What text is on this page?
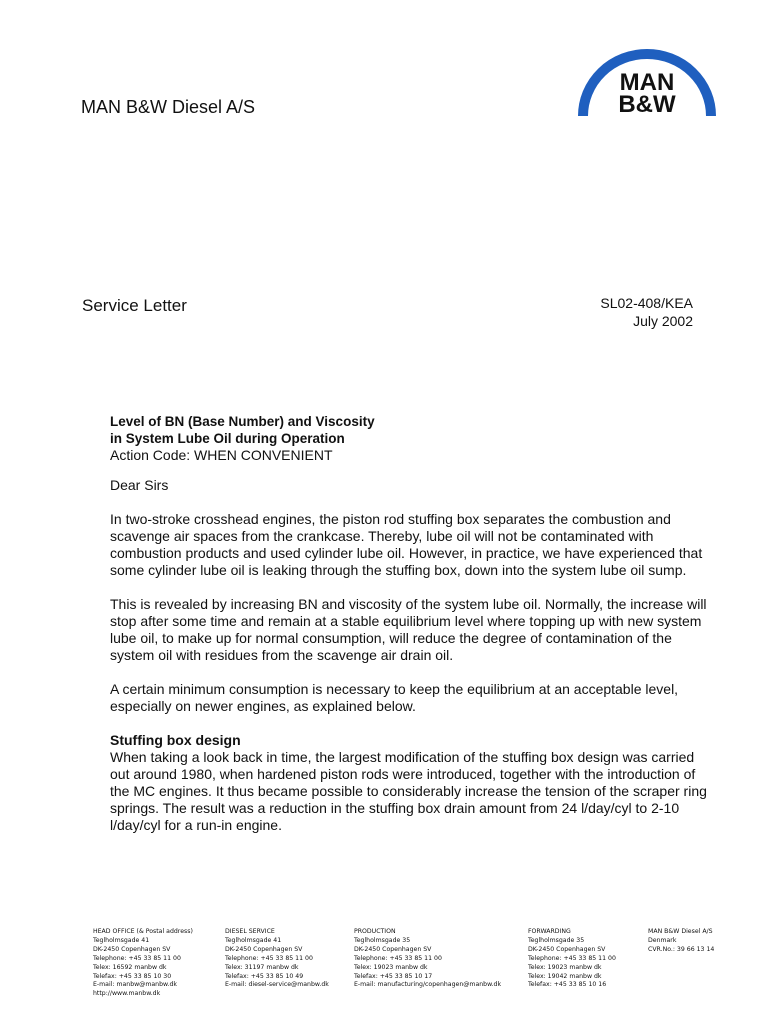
MAN B&W Diesel A/S
MAN
B&W
Service Letter	SL02-408/KEA
July 2002

Level of BN (Base Number) and Viscosity

in System Lube Oil during Operation

Action Code: WHEN CONVENIENT

Dear Sirs

In two-stroke crosshead engines, the piston rod stuffing box separates the combustion and scavenge air spaces from the crankcase. Thereby, lube oil will not be contaminated with combustion products and used cylinder lube oil. However, in practice, we have experienced that some cylinder lube oil is leaking through the stuffing box, down into the system lube oil sump.

This is revealed by increasing BN and viscosity of the system lube oil. Normally, the increase will stop after some time and remain at a stable equilibrium level where topping up with new system lube oil, to make up for normal consumption, will reduce the degree of contamination of the system oil with residues from the scavenge air drain oil.

A certain minimum consumption is necessary to keep the equilibrium at an acceptable level, especially on newer engines, as explained below.

Stuffing box design

When taking a look back in time, the largest modification of the stuffing box design was carried out around 1980, when hardened piston rods were introduced, together with the introduction of the MC engines. It thus became possible to considerably increase the tension of the scraper ring springs. The result was a reduction in the stuffing box drain amount from 24 l/day/cyl to 2-10 l/day/cyl for a run-in engine.

HEAD OFFICE (& Postal address)
Teglholmsgade 41
DK-2450 Copenhagen SV
Telephone: +45 33 85 11 00
Telex: 16592 manbw dk
Telefax: +45 33 85 10 30
E-mail: manbw@manbw.dk
http://www.manbw.dk
DIESEL SERVICE
Teglholmsgade 41
DK-2450 Copenhagen SV
Telephone: +45 33 85 11 00
Telex: 31197 manbw dk
Telefax: +45 33 85 10 49
E-mail: diesel-service@manbw.dk
PRODUCTION
Teglholmsgade 35
DK-2450 Copenhagen SV
Telephone: +45 33 85 11 00
Telex: 19023 manbw dk
Telefax: +45 33 85 10 17
E-mail: manufacturing/copenhagen@manbw.dk
FORWARDING
Teglholmsgade 35
DK-2450 Copenhagen SV
Telephone: +45 33 85 11 00
Telex: 19023 manbw dk
Telex: 19042 manbw dk
Telefax: +45 33 85 10 16
MAN B&W Diesel A/S
Denmark
CVR.No.: 39 66 13 14
